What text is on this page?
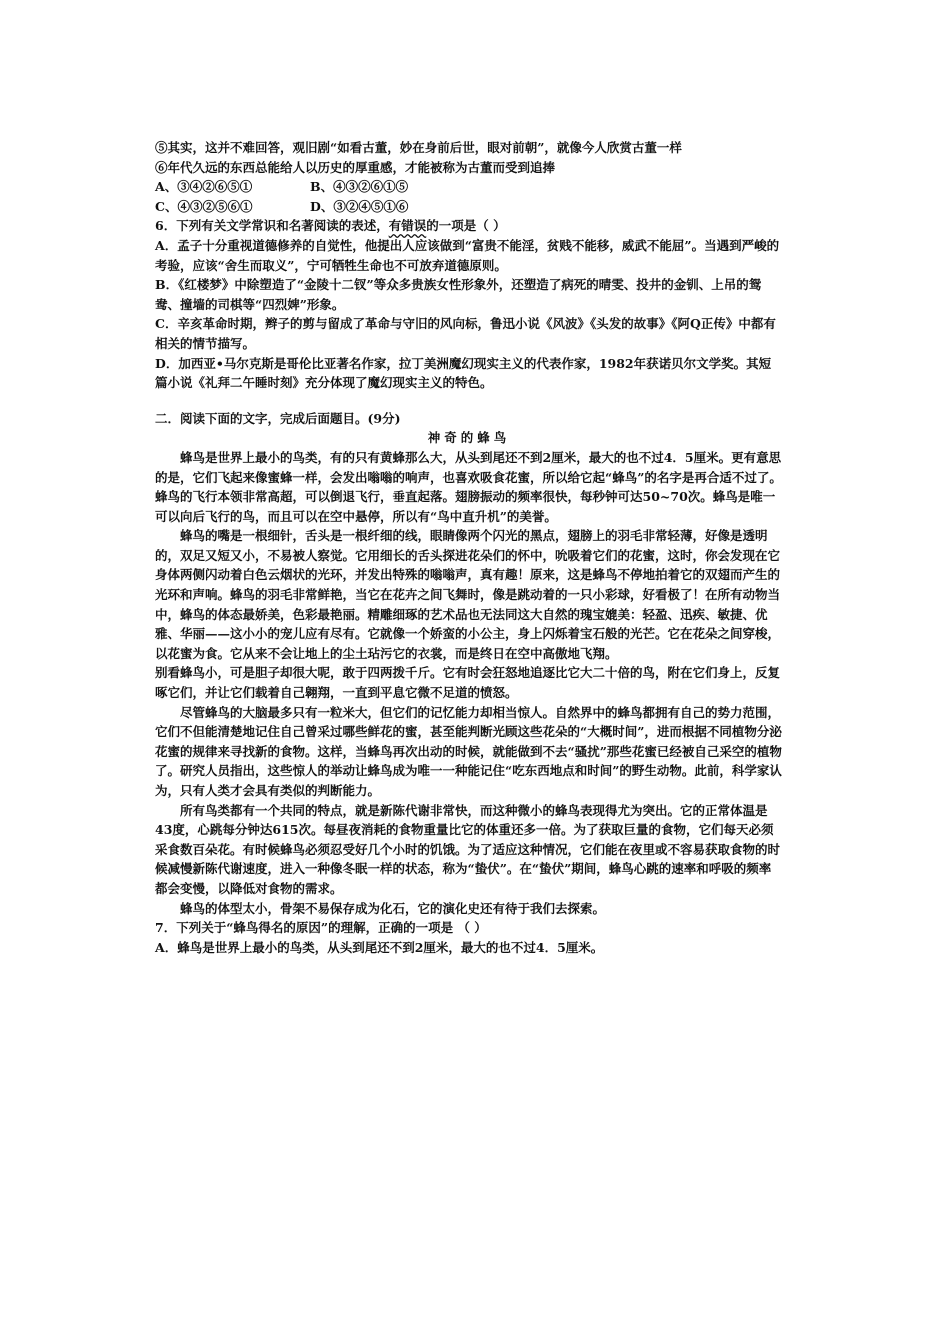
⑤其实，这并不难回答，观旧剧“如看古董，妙在身前后世，眼对前朝”，就像今人欣赏古董一样

⑥年代久远的东西总能给人以历史的厚重感，才能被称为古董而受到追捧

A、③④②⑥⑤①	B、④③②⑥①⑤
C、④③②⑤⑥①	D、③②④⑤①⑥

6．下列有关文学常识和名著阅读的表述，有错误的一项是（ ）

A．孟子十分重视道德修养的自觉性，他提出人应该做到“富贵不能淫，贫贱不能移，威武不能屈”。当遇到严峻的考验，应该“舍生而取义”，宁可牺牲生命也不可放弃道德原则。

B．《红楼梦》中除塑造了“金陵十二钗”等众多贵族女性形象外，还塑造了病死的晴雯、投井的金钏、上吊的鸳鸯、撞墙的司棋等“四烈婢”形象。

C．辛亥革命时期，辫子的剪与留成了革命与守旧的风向标，鲁迅小说《风波》《头发的故事》《阿Q正传》中都有相关的情节描写。

D．加西亚•马尔克斯是哥伦比亚著名作家，拉丁美洲魔幻现实主义的代表作家，1982年获诺贝尔文学奖。其短篇小说《礼拜二午睡时刻》充分体现了魔幻现实主义的特色。

二．阅读下面的文字，完成后面题目。(9分)

神奇的蜂鸟

蜂鸟是世界上最小的鸟类，有的只有黄蜂那么大，从头到尾还不到2厘米，最大的也不过4．5厘米。更有意思的是，它们飞起来像蜜蜂一样，会发出嗡嗡的响声，也喜欢吸食花蜜，所以给它起“蜂鸟”的名字是再合适不过了。

蜂鸟的飞行本领非常高超，可以倒退飞行，垂直起落。翅膀振动的频率很快，每秒钟可达50~70次。蜂鸟是唯一可以向后飞行的鸟，而且可以在空中悬停，所以有“鸟中直升机”的美誉。

蜂鸟的嘴是一根细针，舌头是一根纤细的线，眼睛像两个闪光的黑点，翅膀上的羽毛非常轻薄，好像是透明的，双足又短又小，不易被人察觉。它用细长的舌头探进花朵们的怀中，吮吸着它们的花蜜，这时，你会发现在它身体两侧闪动着白色云烟状的光环，并发出特殊的嗡嗡声，真有趣！原来，这是蜂鸟不停地拍着它的双翅而产生的光环和声响。蜂鸟的羽毛非常鲜艳，当它在花卉之间飞舞时，像是跳动着的一只小彩球，好看极了！在所有动物当中，蜂鸟的体态最娇美，色彩最艳丽。精雕细琢的艺术品也无法同这大自然的瑰宝媲美：轻盈、迅疾、敏捷、优雅、华丽——这小小的宠儿应有尽有。它就像一个娇蛮的小公主，身上闪烁着宝石般的光芒。它在花朵之间穿梭，以花蜜为食。它从来不会让地上的尘土玷污它的衣裳，而是终日在空中高傲地飞翔。

别看蜂鸟小，可是胆子却很大呢，敢于四两拨千斤。它有时会狂怒地追逐比它大二十倍的鸟，附在它们身上，反复啄它们，并让它们载着自己翱翔，一直到平息它微不足道的愤怒。

尽管蜂鸟的大脑最多只有一粒米大，但它们的记忆能力却相当惊人。自然界中的蜂鸟都拥有自己的势力范围，它们不但能清楚地记住自己曾采过哪些鲜花的蜜，甚至能判断光顾这些花朵的“大概时间”，进而根据不同植物分泌花蜜的规律来寻找新的食物。这样，当蜂鸟再次出动的时候，就能做到不去“骚扰”那些花蜜已经被自己采空的植物了。研究人员指出，这些惊人的举动让蜂鸟成为唯一一种能记住“吃东西地点和时间”的野生动物。此前，科学家认为，只有人类才会具有类似的判断能力。

所有鸟类都有一个共同的特点，就是新陈代谢非常快，而这种微小的蜂鸟表现得尤为突出。它的正常体温是43度，心跳每分钟达615次。每昼夜消耗的食物重量比它的体重还多一倍。为了获取巨量的食物，它们每天必须采食数百朵花。有时候蜂鸟必须忍受好几个小时的饥饿。为了适应这种情况，它们能在夜里或不容易获取食物的时候减慢新陈代谢速度，进入一种像冬眠一样的状态，称为“蛰伏”。在“蛰伏”期间，蜂鸟心跳的速率和呼吸的频率都会变慢，以降低对食物的需求。

蜂鸟的体型太小，骨架不易保存成为化石，它的演化史还有待于我们去探索。

7．下列关于“蜂鸟得名的原因”的理解，正确的一项是 （ ）

A．蜂鸟是世界上最小的鸟类，从头到尾还不到2厘米，最大的也不过4．5厘米。
